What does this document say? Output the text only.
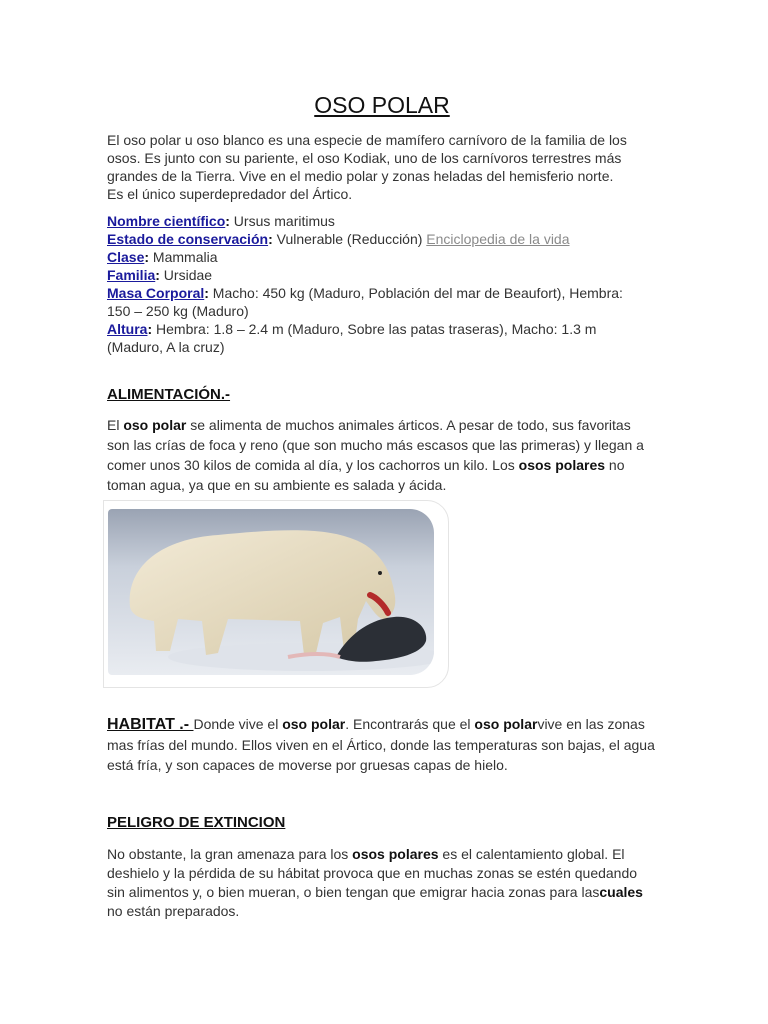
OSO POLAR
El oso polar u oso blanco es una especie de mamífero carnívoro de la familia de los osos. Es junto con su pariente, el oso Kodiak, uno de los carnívoros terrestres más grandes de la Tierra. Vive en el medio polar y zonas heladas del hemisferio norte. Es el único superdepredador del Ártico.
Nombre científico: Ursus maritimus
Estado de conservación: Vulnerable (Reducción) Enciclopedia de la vida
Clase: Mammalia
Familia: Ursidae
Masa Corporal: Macho: 450 kg (Maduro, Población del mar de Beaufort), Hembra: 150 – 250 kg (Maduro)
Altura: Hembra: 1.8 – 2.4 m (Maduro, Sobre las patas traseras), Macho: 1.3 m (Maduro, A la cruz)
ALIMENTACIÓN.-
El oso polar se alimenta de muchos animales árticos. A pesar de todo, sus favoritas son las crías de foca y reno (que son mucho más escasos que las primeras) y llegan a comer unos 30 kilos de comida al día, y los cachorros un kilo. Los osos polares no toman agua, ya que en su ambiente es salada y ácida.
HABITAT .- Donde vive el oso polar. Encontrarás que el oso polarvive en las zonas mas frías del mundo. Ellos viven en el Ártico, donde las temperaturas son bajas, el agua está fría, y son capaces de moverse por gruesas capas de hielo.
PELIGRO DE EXTINCION
No obstante, la gran amenaza para los osos polares es el calentamiento global. El deshielo y la pérdida de su hábitat provoca que en muchas zonas se estén quedando sin alimentos y, o bien mueran, o bien tengan que emigrar hacia zonas para lascuales no están preparados.
